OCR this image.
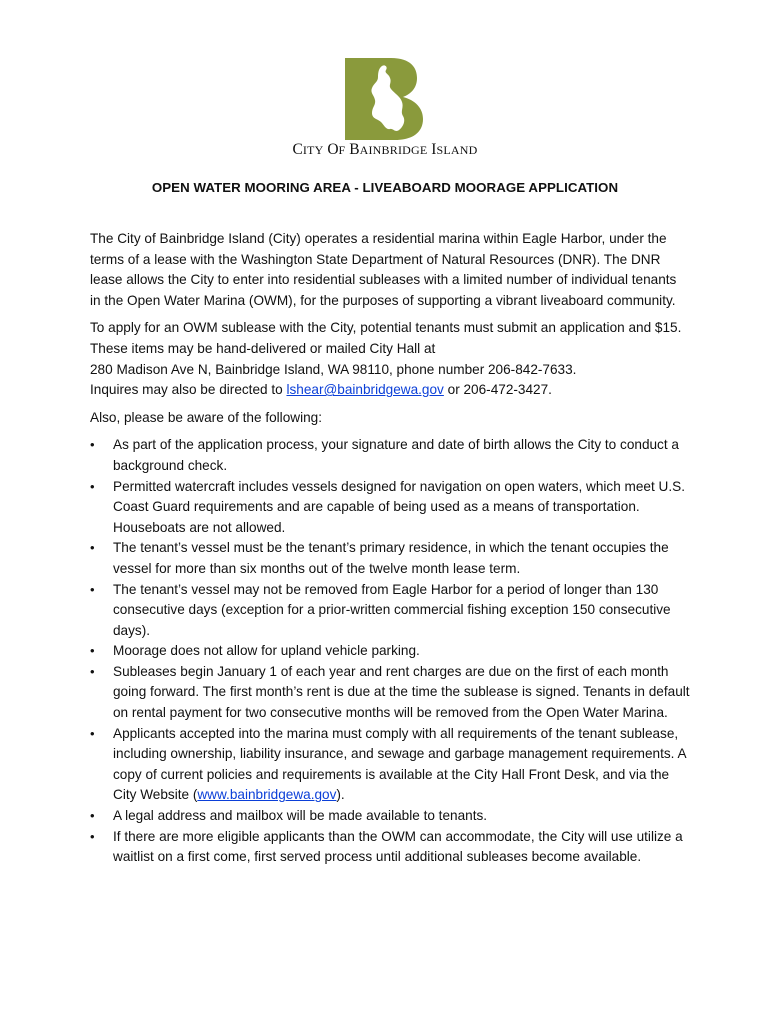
CITY OF BAINBRIDGE ISLAND
OPEN WATER MOORING AREA - LIVEABOARD MOORAGE APPLICATION

The City of Bainbridge Island (City) operates a residential marina within Eagle Harbor, under the terms of a lease with the Washington State Department of Natural Resources (DNR). The DNR lease allows the City to enter into residential subleases with a limited number of individual tenants in the Open Water Marina (OWM), for the purposes of supporting a vibrant liveaboard community.

To apply for an OWM sublease with the City, potential tenants must submit an application and $15. These items may be hand-delivered or mailed City Hall at
280 Madison Ave N, Bainbridge Island, WA 98110, phone number 206-842-7633.
Inquires may also be directed to lshear@bainbridgewa.gov or 206-472-3427.

Also, please be aware of the following:

• As part of the application process, your signature and date of birth allows the City to conduct a background check.
• Permitted watercraft includes vessels designed for navigation on open waters, which meet U.S. Coast Guard requirements and are capable of being used as a means of transportation. Houseboats are not allowed.
• The tenant’s vessel must be the tenant’s primary residence, in which the tenant occupies the vessel for more than six months out of the twelve month lease term.
• The tenant’s vessel may not be removed from Eagle Harbor for a period of longer than 130 consecutive days (exception for a prior-written commercial fishing exception 150 consecutive days).
• Moorage does not allow for upland vehicle parking.
• Subleases begin January 1 of each year and rent charges are due on the first of each month going forward. The first month’s rent is due at the time the sublease is signed. Tenants in default on rental payment for two consecutive months will be removed from the Open Water Marina.
• Applicants accepted into the marina must comply with all requirements of the tenant sublease, including ownership, liability insurance, and sewage and garbage management requirements. A copy of current policies and requirements is available at the City Hall Front Desk, and via the City Website (www.bainbridgewa.gov).
• A legal address and mailbox will be made available to tenants.
• If there are more eligible applicants than the OWM can accommodate, the City will use utilize a waitlist on a first come, first served process until additional subleases become available.
